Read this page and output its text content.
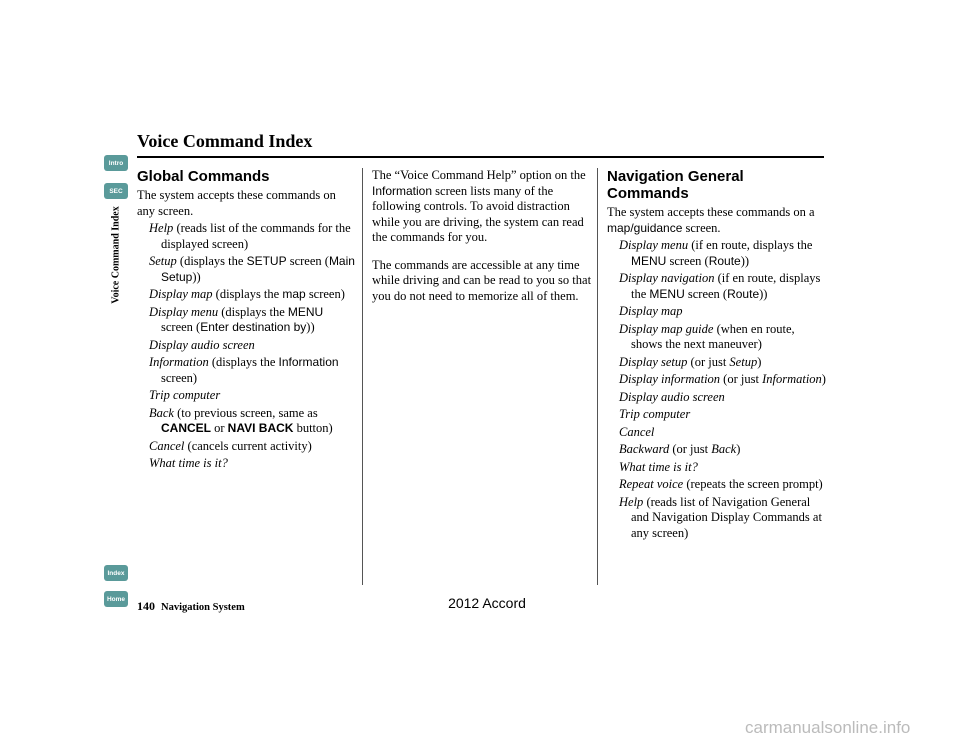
Voice Command Index
Intro
SEC
Voice Command Index
Index
Home
Global Commands

The system accepts these commands on any screen.

Help (reads list of the commands for the displayed screen)

Setup (displays the SETUP screen (Main Setup))

Display map (displays the map screen)

Display menu (displays the MENU screen (Enter destination by))

Display audio screen

Information (displays the Information screen)

Trip computer

Back (to previous screen, same as CANCEL or NAVI BACK button)

Cancel (cancels current activity)

What time is it?

The “Voice Command Help” option on the Information screen lists many of the following controls. To avoid distraction while you are driving, the system can read the commands for you.

The commands are accessible at any time while driving and can be read to you so that you do not need to memorize all of them.

Navigation General Commands

The system accepts these commands on a map/guidance screen.

Display menu (if en route, displays the MENU screen (Route))

Display navigation (if en route, displays the MENU screen (Route))

Display map

Display map guide (when en route, shows the next maneuver)

Display setup (or just Setup)

Display information (or just Information)

Display audio screen

Trip computer

Cancel

Backward (or just Back)

What time is it?

Repeat voice (repeats the screen prompt)

Help (reads list of Navigation General and Navigation Display Commands at any screen)

140 Navigation System	2012 Accord
carmanualsonline.info
